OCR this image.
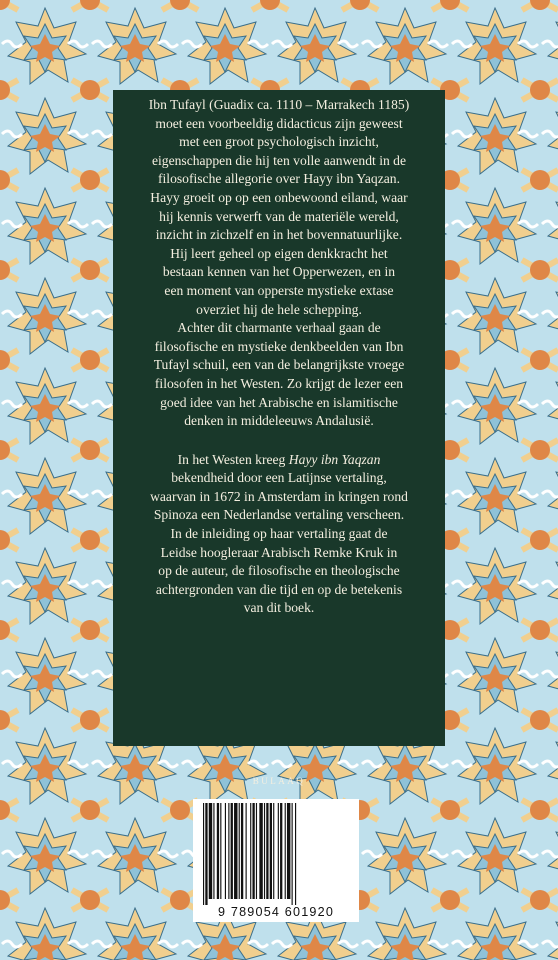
Ibn Tufayl (Guadix ca. 1110 – Marrakech 1185)

moet een voorbeeldig didacticus zijn geweest

met een groot psychologisch inzicht,

eigenschappen die hij ten volle aanwendt in de

filosofische allegorie over Hayy ibn Yaqzan.

Hayy groeit op op een onbewoond eiland, waar

hij kennis verwerft van de materiële wereld,

inzicht in zichzelf en in het bovennatuurlijke.

Hij leert geheel op eigen denkkracht het

bestaan kennen van het Opperwezen, en in

een moment van opperste mystieke extase

overziet hij de hele schepping.

Achter dit charmante verhaal gaan de

filosofische en mystieke denkbeelden van Ibn

Tufayl schuil, een van de belangrijkste vroege

filosofen in het Westen. Zo krijgt de lezer een

goed idee van het Arabische en islamitische

denken in middeleeuws Andalusië.

In het Westen kreeg Hayy ibn Yaqzan

bekendheid door een Latijnse vertaling,

waarvan in 1672 in Amsterdam in kringen rond

Spinoza een Nederlandse vertaling verscheen.

In de inleiding op haar vertaling gaat de

Leidse hoogleraar Arabisch Remke Kruk in

op de auteur, de filosofische en theologische

achtergronden van die tijd en op de betekenis

van dit boek.

BULAAQ
9 789054 601920
